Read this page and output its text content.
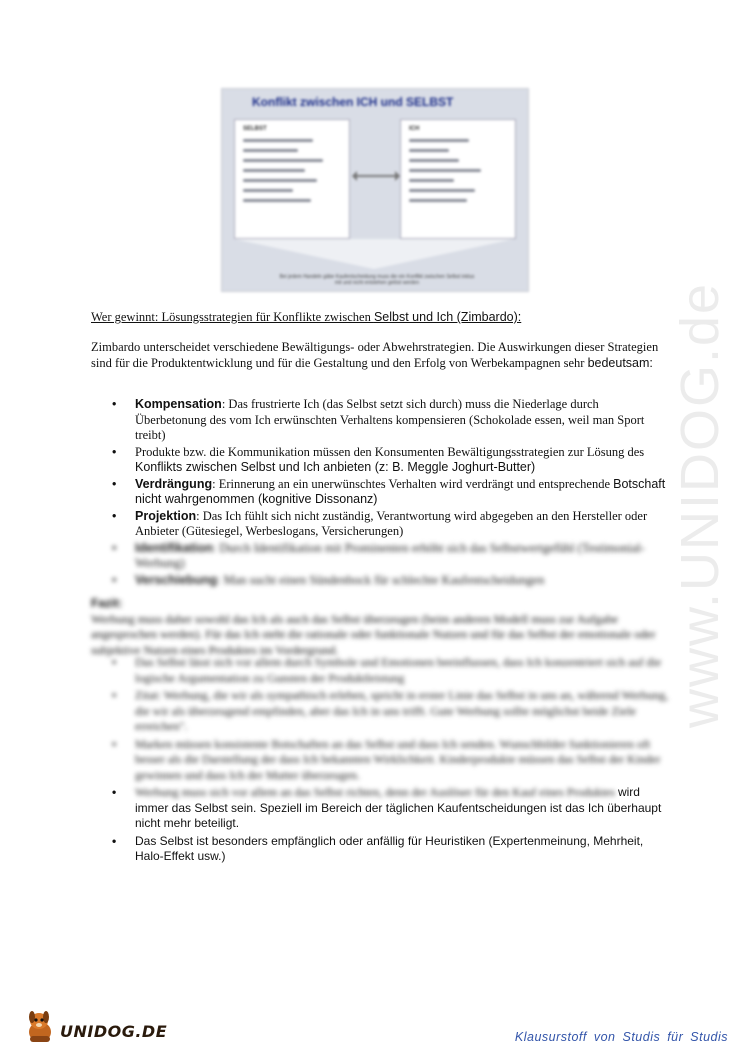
Konflikt zwischen ICH und SELBST
SELBST	ICH
Bei jedem Handeln gäbe Kaufentscheidung muss die ein Konflikt zwischen Selbst inklus mit und nicht entstehen gelöst werden
Wer gewinnt: Lösungsstrategien für Konflikte zwischen Selbst und Ich (Zimbardo):
Zimbardo unterscheidet verschiedene Bewältigungs- oder Abwehrstrategien. Die Auswirkungen dieser Strategien sind für die Produktentwicklung und für die Gestaltung und den Erfolg von Werbekampagnen sehr bedeutsam:
• Kompensation: Das frustrierte Ich (das Selbst setzt sich durch) muss die Niederlage durch Überbetonung des vom Ich erwünschten Verhaltens kompensieren (Schokolade essen, weil man Sport treibt)
• Produkte bzw. die Kommunikation müssen den Konsumenten Bewältigungsstrategien zur Lösung des Konflikts zwischen Selbst und Ich anbieten (z: B. Meggle Joghurt-Butter)
• Verdrängung: Erinnerung an ein unerwünschtes Verhalten wird verdrängt und entsprechende Botschaft nicht wahrgenommen (kognitive Dissonanz)
• Projektion: Das Ich fühlt sich nicht zuständig, Verantwortung wird abgegeben an den Hersteller oder Anbieter (Gütesiegel, Werbeslogans, Versicherungen)
• Identifikation: Durch Identifikation mit Prominenten erhöht sich das Selbstwertgefühl (Testimonial-Werbung)
• Verschiebung: Man sucht einen Sündenbock für schlechte Kaufentscheidungen
Fazit:
Werbung muss daher sowohl das Ich als auch das Selbst überzeugen (beim anderen Modell muss zur Aufgabe angesprochen werden). Für das Ich steht die rationale oder funktionale Nutzen und für das Selbst der emotionale oder subjektive Nutzen eines Produktes im Vordergrund.
• Das Selbst lässt sich vor allem durch Symbole und Emotionen beeinflussen, dass Ich konzentriert sich auf die logische Argumentation zu Gunsten der Produktleistung
• Zitat: Werbung, die wir als sympathisch erleben, spricht in erster Linie das Selbst in uns an, während Werbung, die wir als überzeugend empfinden, aber das Ich in uns trifft. Gute Werbung sollte möglichst beide Ziele erreichen".
• Marken müssen konsistente Botschaften an das Selbst und dass Ich senden. Wunschbilder funktionieren oft besser als die Darstellung der dass Ich bekannten Wirklichkeit. Kinderprodukte müssen das Selbst der Kinder gewinnen und dass Ich der Mutter überzeugen.
• Werbung muss sich vor allem an das Selbst richten, denn der Auslöser für den Kauf eines Produktes wird immer das Selbst sein. Speziell im Bereich der täglichen Kaufentscheidungen ist das Ich überhaupt nicht mehr beteiligt.
• Das Selbst ist besonders empfänglich oder anfällig für Heuristiken (Expertenmeinung, Mehrheit, Halo-Effekt usw.)
www.UNIDOG.de
UNIDOG.DE	Klausurstoff von Studis für Studis
